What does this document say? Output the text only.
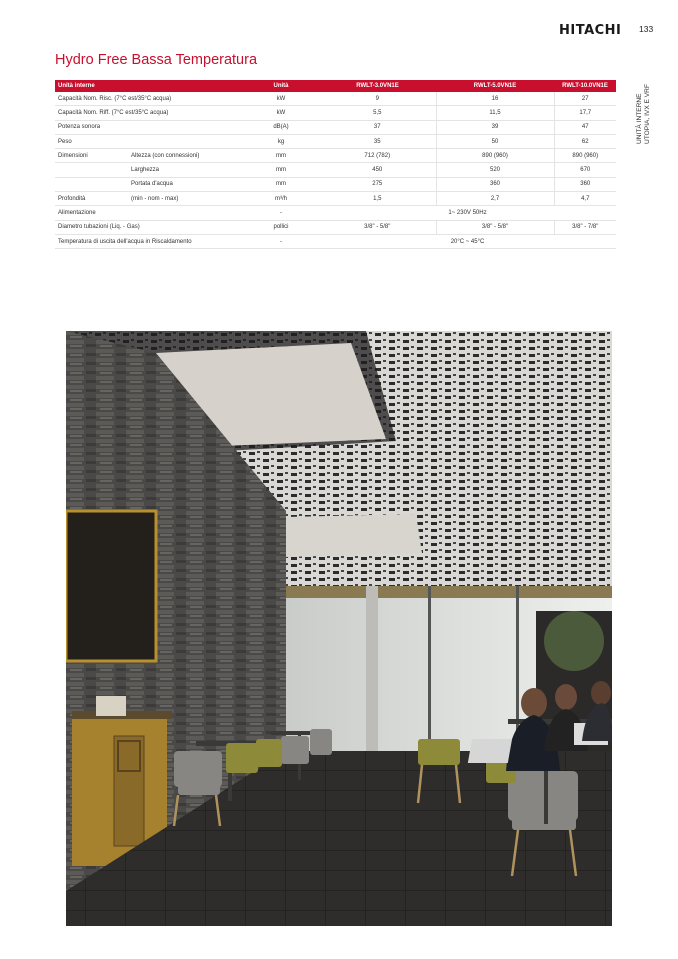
HITACHI 133
Hydro Free Bassa Temperatura
UNITÀ INTERNE UTOPIA, IVX E VRF
Unità interne		Unità	RWLT-3.0VN1E	RWLT-5.0VN1E	RWLT-10.0VN1E
Capacità Nom. Risc. (7°C est/35°C acqua)		kW	9	16	27
Capacità Nom. Riff. (7°C est/35°C acqua)		kW	5,5	11,5	17,7
Potenza sonora		dB(A)	37	39	47
Peso		kg	35	50	62
Dimensioni	Altezza (con connessioni)	mm	712 (782)	890 (960)	890 (960)
	Larghezza	mm	450	520	670
	Portata d'acqua	mm	275	360	360
Profondità	(min - nom - max)	m³/h	1,5	2,7	4,7
Alimentazione		-	1~ 230V 50Hz		
Diametro tubazioni (Liq. - Gas)		pollici	3/8" - 5/8"	3/8" - 5/8"	3/8" - 7/8"
Temperatura di uscita dell'acqua in Riscaldamento		-	20°C ~ 45°C		
